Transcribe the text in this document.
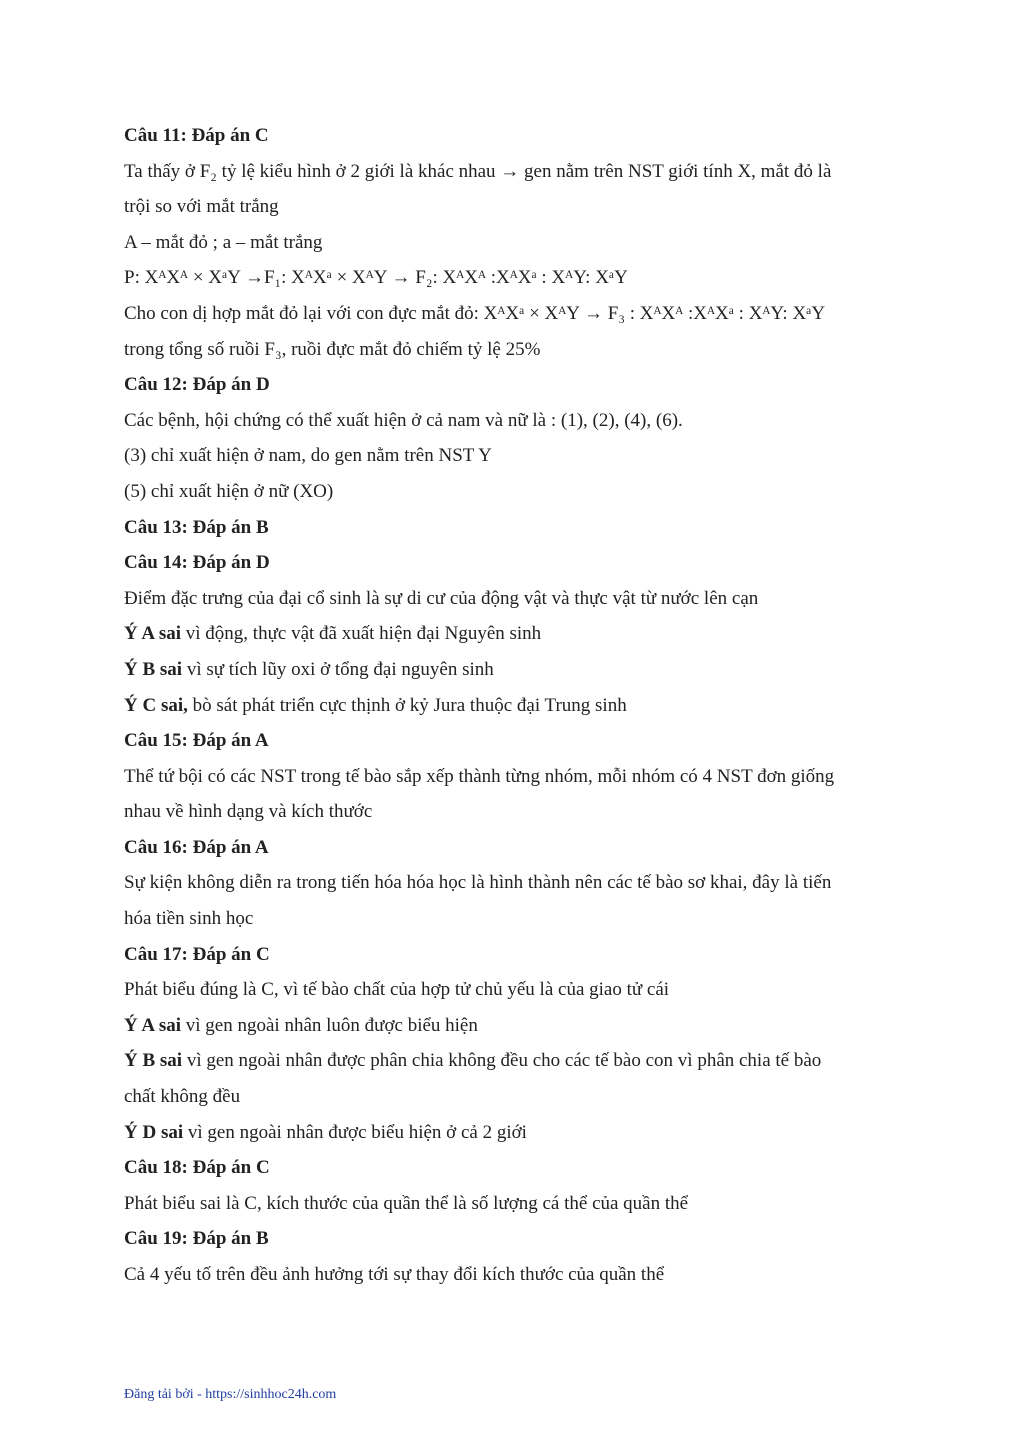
Câu 11: Đáp án C
Ta thấy ở F₂ tỷ lệ kiểu hình ở 2 giới là khác nhau → gen nằm trên NST giới tính X, mắt đỏ là
trội so với mắt trắng
A – mắt đỏ ; a – mắt trắng
P: XᴬXᴬ × XᵃY →F₁: XᴬXᵃ × XᴬY → F₂: XᴬXᴬ :XᴬXᵃ : XᴬY: XᵃY
Cho con dị hợp mắt đỏ lại với con đực mắt đỏ: XᴬXᵃ × XᴬY → F₃ : XᴬXᴬ :XᴬXᵃ : XᴬY: XᵃY
trong tổng số ruồi F₃, ruồi đực mắt đỏ chiếm tỷ lệ 25%
Câu 12: Đáp án D
Các bệnh, hội chứng có thể xuất hiện ở cả nam và nữ là : (1), (2), (4), (6).
(3) chỉ xuất hiện ở nam, do gen nằm trên NST Y
(5) chỉ xuất hiện ở nữ (XO)
Câu 13: Đáp án B
Câu 14: Đáp án D
Điểm đặc trưng của đại cổ sinh là sự di cư của động vật và thực vật từ nước lên cạn
Ý A sai vì động, thực vật đã xuất hiện đại Nguyên sinh
Ý B sai vì sự tích lũy oxi ở tổng đại nguyên sinh
Ý C sai, bò sát phát triển cực thịnh ở kỷ Jura thuộc đại Trung sinh
Câu 15: Đáp án A
Thể tứ bội có các NST trong tế bào sắp xếp thành từng nhóm, mỗi nhóm có 4 NST đơn giống
nhau về hình dạng và kích thước
Câu 16: Đáp án A
Sự kiện không diễn ra trong tiến hóa hóa học là hình thành nên các tế bào sơ khai, đây là tiến
hóa tiền sinh học
Câu 17: Đáp án C
Phát biểu đúng là C, vì tế bào chất của hợp tử chủ yếu là của giao tử cái
Ý A sai vì gen ngoài nhân luôn được biểu hiện
Ý B sai vì gen ngoài nhân được phân chia không đều cho các tế bào con vì phân chia tế bào
chất không đều
Ý D sai vì gen ngoài nhân được biểu hiện ở cả 2 giới
Câu 18: Đáp án C
Phát biểu sai là C, kích thước của quần thể là số lượng cá thể của quần thể
Câu 19: Đáp án B
Cả 4 yếu tố trên đều ảnh hưởng tới sự thay đổi kích thước của quần thể
Đăng tải bởi - https://sinhhoc24h.com
